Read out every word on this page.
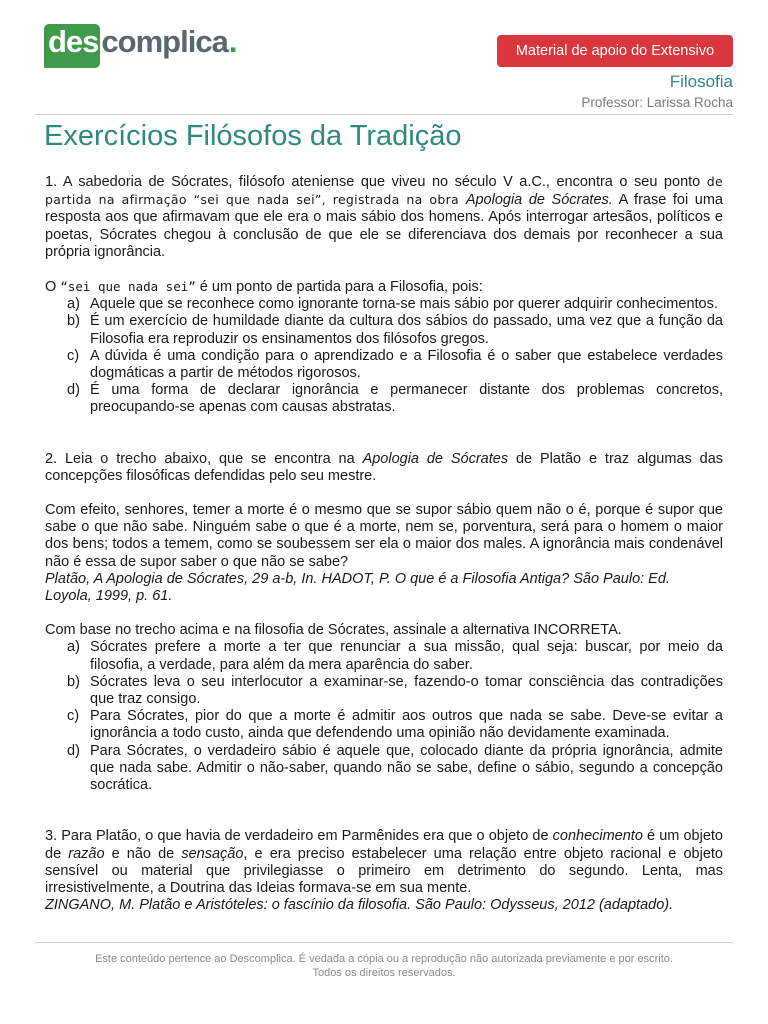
des complica .	Material de apoio do Extensivo
Filosofia
Professor: Larissa Rocha
Exercícios Filósofos da Tradição

1. A sabedoria de Sócrates, filósofo ateniense que viveu no século V a.C., encontra o seu ponto de partida na afirmação “sei que nada sei”, registrada na obra Apologia de Sócrates. A frase foi uma resposta aos que afirmavam que ele era o mais sábio dos homens. Após interrogar artesãos, políticos e poetas, Sócrates chegou à conclusão de que ele se diferenciava dos demais por reconhecer a sua própria ignorância.

O “sei que nada sei” é um ponto de partida para a Filosofia, pois:

a) Aquele que se reconhece como ignorante torna-se mais sábio por querer adquirir conhecimentos.
b) É um exercício de humildade diante da cultura dos sábios do passado, uma vez que a função da Filosofia era reproduzir os ensinamentos dos filósofos gregos.
c) A dúvida é uma condição para o aprendizado e a Filosofia é o saber que estabelece verdades dogmáticas a partir de métodos rigorosos.
d) É uma forma de declarar ignorância e permanecer distante dos problemas concretos, preocupando-se apenas com causas abstratas.

2. Leia o trecho abaixo, que se encontra na Apologia de Sócrates de Platão e traz algumas das concepções filosóficas defendidas pelo seu mestre.

Com efeito, senhores, temer a morte é o mesmo que se supor sábio quem não o é, porque é supor que sabe o que não sabe. Ninguém sabe o que é a morte, nem se, porventura, será para o homem o maior dos bens; todos a temem, como se soubessem ser ela o maior dos males. A ignorância mais condenável não é essa de supor saber o que não se sabe?

Platão, A Apologia de Sócrates, 29 a-b, In. HADOT, P. O que é a Filosofia Antiga? São Paulo: Ed.
Loyola, 1999, p. 61.

Com base no trecho acima e na filosofia de Sócrates, assinale a alternativa INCORRETA.

a) Sócrates prefere a morte a ter que renunciar a sua missão, qual seja: buscar, por meio da filosofia, a verdade, para além da mera aparência do saber.
b) Sócrates leva o seu interlocutor a examinar-se, fazendo-o tomar consciência das contradições que traz consigo.
c) Para Sócrates, pior do que a morte é admitir aos outros que nada se sabe. Deve-se evitar a ignorância a todo custo, ainda que defendendo uma opinião não devidamente examinada.
d) Para Sócrates, o verdadeiro sábio é aquele que, colocado diante da própria ignorância, admite que nada sabe. Admitir o não-saber, quando não se sabe, define o sábio, segundo a concepção socrática.

3. Para Platão, o que havia de verdadeiro em Parmênides era que o objeto de conhecimento é um objeto de razão e não de sensação, e era preciso estabelecer uma relação entre objeto racional e objeto sensível ou material que privilegiasse o primeiro em detrimento do segundo. Lenta, mas irresistivelmente, a Doutrina das Ideias formava-se em sua mente.

ZINGANO, M. Platão e Aristóteles: o fascínio da filosofia. São Paulo: Odysseus, 2012 (adaptado).

Este conteúdo pertence ao Descomplica. É vedada a cópia ou a reprodução não autorizada previamente e por escrito.
Todos os direitos reservados.
